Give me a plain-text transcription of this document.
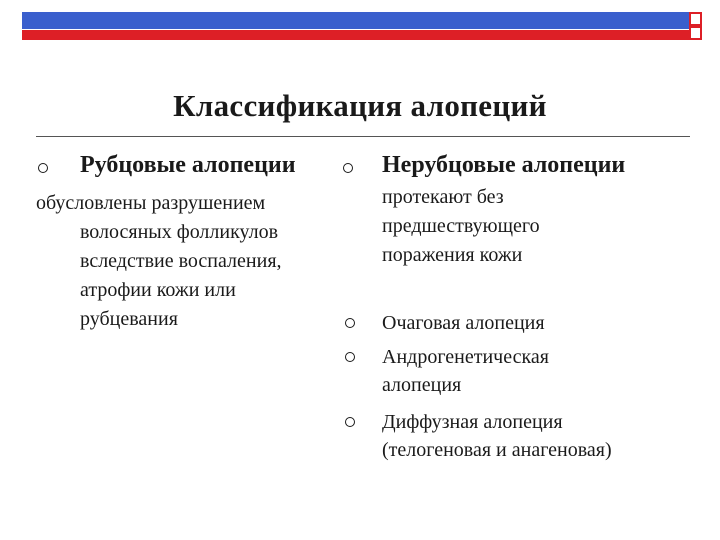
Классификация алопеций
Рубцовые алопеции
обусловлены разрушением
волосяных фолликулов
вследствие воспаления,
атрофии кожи или
рубцевания
Нерубцовые алопеции
протекают без
предшествующего
поражения кожи
Очаговая алопеция
Андрогенетическая
алопеция
Диффузная алопеция
(телогеновая и анагеновая)
